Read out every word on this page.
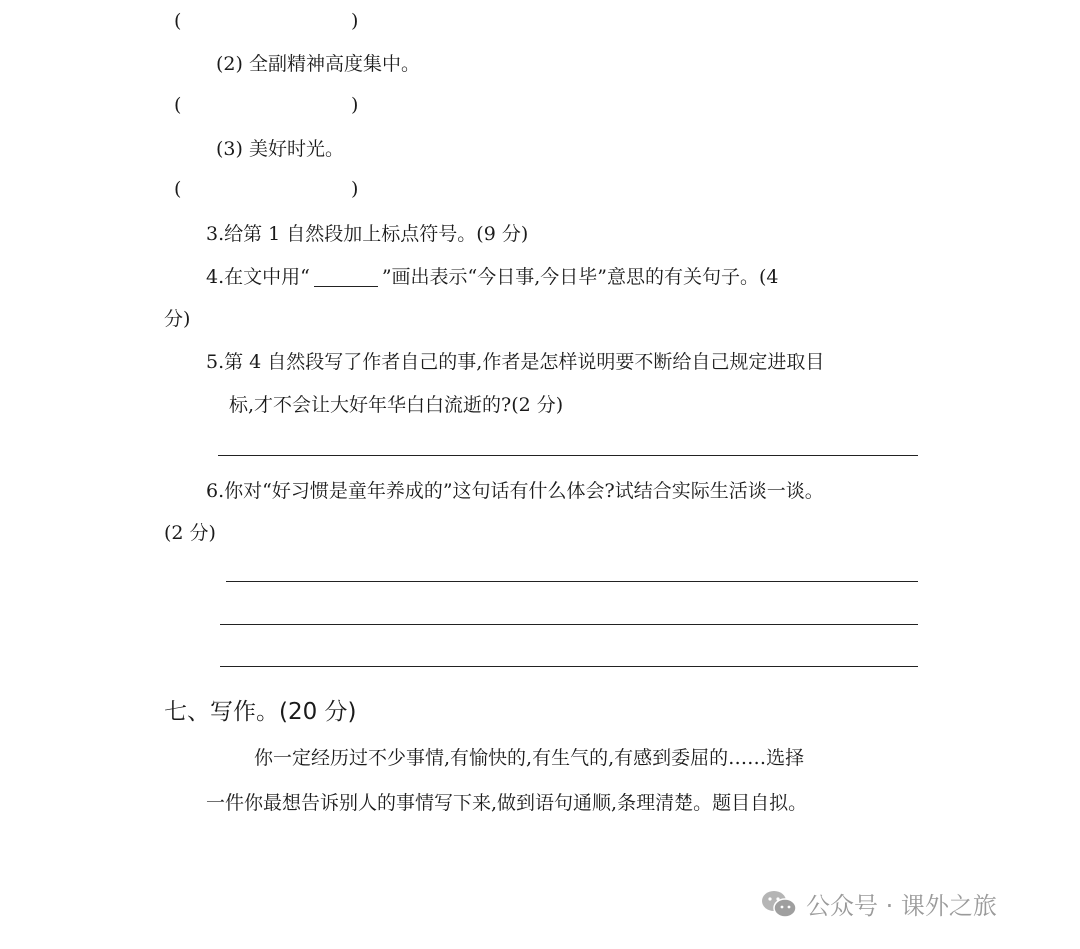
(	)
(2) 全副精神高度集中。
(	)
(3) 美好时光。
(	)
3.给第 1 自然段加上标点符号。(9 分)
4.在文中用“	”画出表示“今日事,今日毕”意思的有关句子。(4
分)
5.第 4 自然段写了作者自己的事,作者是怎样说明要不断给自己规定进取目
标,才不会让大好年华白白流逝的?(2 分)
6.你对“好习惯是童年养成的”这句话有什么体会?试结合实际生活谈一谈。
(2 分)
七、写作。(20 分)
你一定经历过不少事情,有愉快的,有生气的,有感到委屈的……选择
一件你最想告诉别人的事情写下来,做到语句通顺,条理清楚。题目自拟。
公众号 · 课外之旅
